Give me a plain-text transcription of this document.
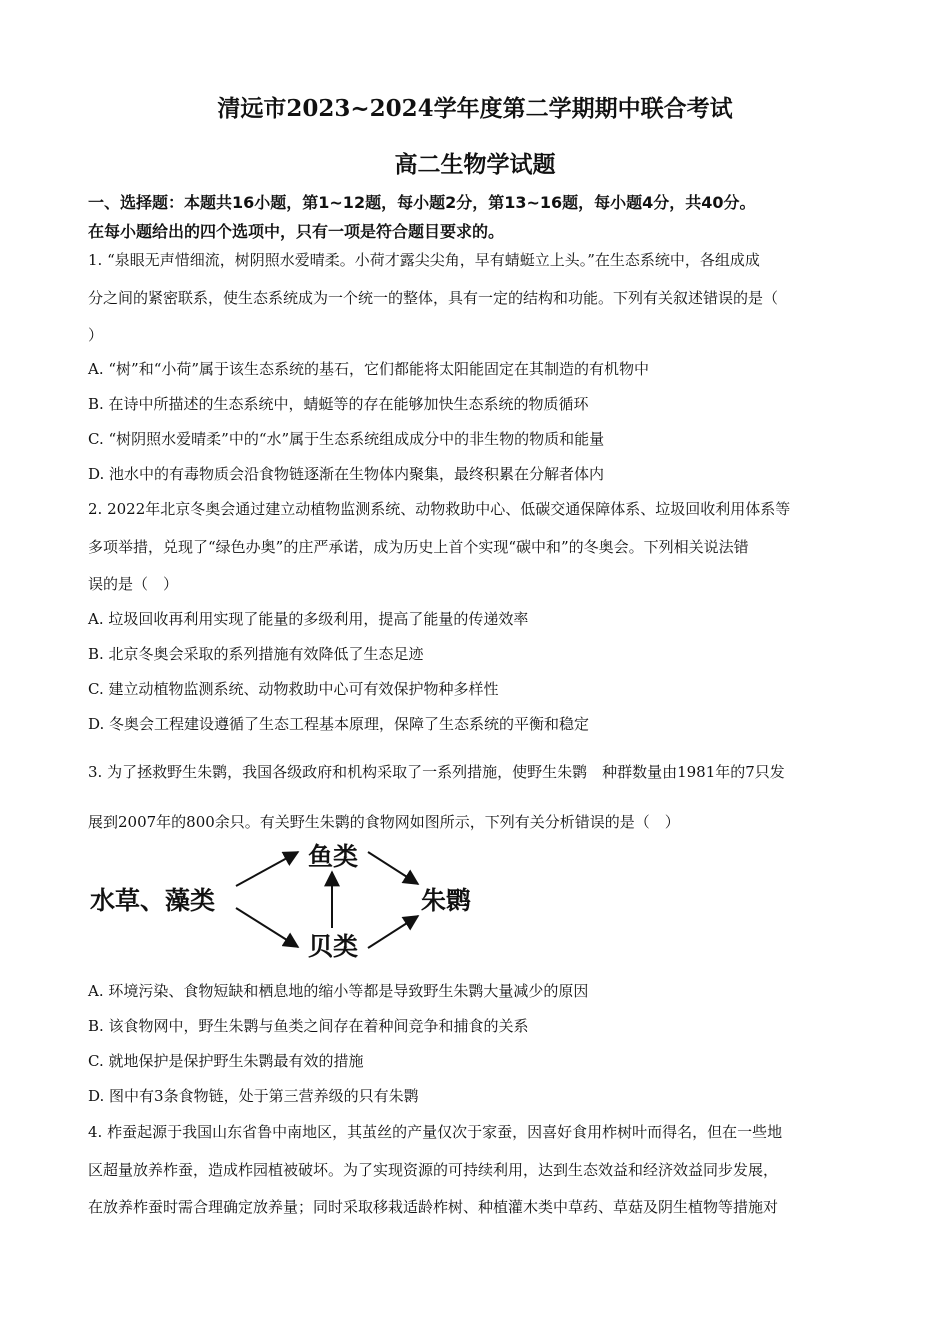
清远市2023~2024学年度第二学期期中联合考试
高二生物学试题
一、选择题：本题共16小题，第1~12题，每小题2分，第13~16题，每小题4分，共40分。
在每小题给出的四个选项中，只有一项是符合题目要求的。
1. “泉眼无声惜细流，树阴照水爱晴柔。小荷才露尖尖角，早有蜻蜓立上头。”在生态系统中，各组成成
分之间的紧密联系，使生态系统成为一个统一的整体，具有一定的结构和功能。下列有关叙述错误的是（
）
A. “树”和“小荷”属于该生态系统的基石，它们都能将太阳能固定在其制造的有机物中
B. 在诗中所描述的生态系统中，蜻蜓等的存在能够加快生态系统的物质循环
C. “树阴照水爱晴柔”中的“水”属于生态系统组成成分中的非生物的物质和能量
D. 池水中的有毒物质会沿食物链逐渐在生物体内聚集，最终积累在分解者体内
2. 2022年北京冬奥会通过建立动植物监测系统、动物救助中心、低碳交通保障体系、垃圾回收利用体系等
多项举措，兑现了“绿色办奥”的庄严承诺，成为历史上首个实现“碳中和”的冬奥会。下列相关说法错
误的是（　）
A. 垃圾回收再利用实现了能量的多级利用，提高了能量的传递效率
B. 北京冬奥会采取的系列措施有效降低了生态足迹
C. 建立动植物监测系统、动物救助中心可有效保护物种多样性
D. 冬奥会工程建设遵循了生态工程基本原理，保障了生态系统的平衡和稳定
3. 为了拯救野生朱鹮，我国各级政府和机构采取了一系列措施，使野生朱鹮　种群数量由1981年的7只发
展到2007年的800余只。有关野生朱鹮的食物网如图所示，下列有关分析错误的是（　）
水草、藻类
鱼类
贝类
朱鹮
A. 环境污染、食物短缺和栖息地的缩小等都是导致野生朱鹮大量减少的原因
B. 该食物网中，野生朱鹮与鱼类之间存在着种间竞争和捕食的关系
C. 就地保护是保护野生朱鹮最有效的措施
D. 图中有3条食物链，处于第三营养级的只有朱鹮
4. 柞蚕起源于我国山东省鲁中南地区，其茧丝的产量仅次于家蚕，因喜好食用柞树叶而得名，但在一些地
区超量放养柞蚕，造成柞园植被破坏。为了实现资源的可持续利用，达到生态效益和经济效益同步发展，
在放养柞蚕时需合理确定放养量；同时采取移栽适龄柞树、种植灌木类中草药、草菇及阴生植物等措施对
